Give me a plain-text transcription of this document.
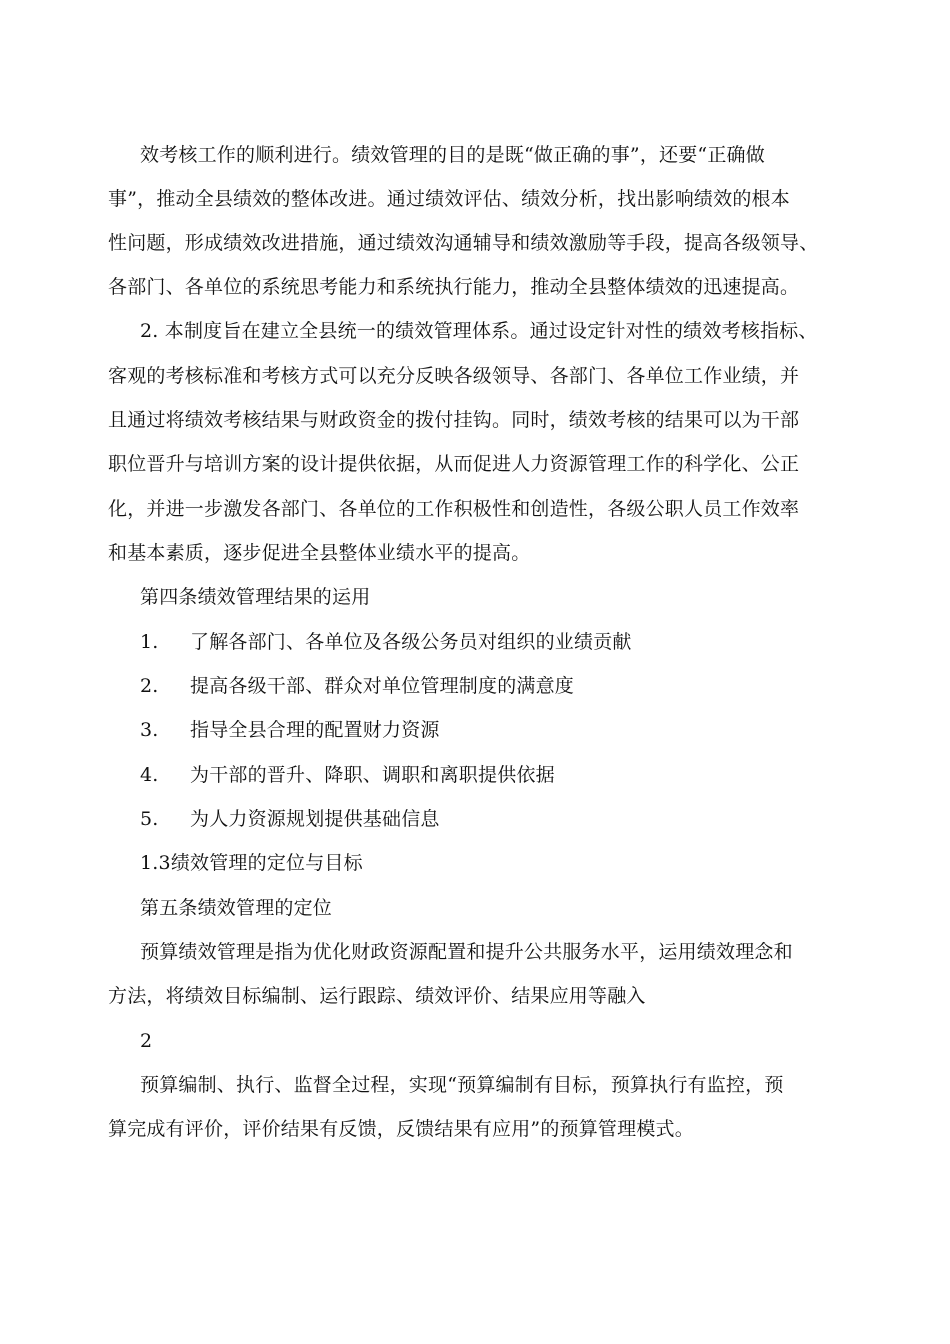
效考核工作的顺利进行。绩效管理的目的是既“做正确的事”，还要“正确做
事”，推动全县绩效的整体改进。通过绩效评估、绩效分析，找出影响绩效的根本
性问题，形成绩效改进措施，通过绩效沟通辅导和绩效激励等手段，提高各级领导、
各部门、各单位的系统思考能力和系统执行能力，推动全县整体绩效的迅速提高。
2. 本制度旨在建立全县统一的绩效管理体系。通过设定针对性的绩效考核指标、
客观的考核标准和考核方式可以充分反映各级领导、各部门、各单位工作业绩，并
且通过将绩效考核结果与财政资金的拨付挂钩。同时，绩效考核的结果可以为干部
职位晋升与培训方案的设计提供依据，从而促进人力资源管理工作的科学化、公正
化，并进一步激发各部门、各单位的工作积极性和创造性，各级公职人员工作效率
和基本素质，逐步促进全县整体业绩水平的提高。
第四条绩效管理结果的运用
1. 了解各部门、各单位及各级公务员对组织的业绩贡献
2. 提高各级干部、群众对单位管理制度的满意度
3. 指导全县合理的配置财力资源
4. 为干部的晋升、降职、调职和离职提供依据
5. 为人力资源规划提供基础信息
1.3绩效管理的定位与目标
第五条绩效管理的定位
预算绩效管理是指为优化财政资源配置和提升公共服务水平，运用绩效理念和
方法，将绩效目标编制、运行跟踪、绩效评价、结果应用等融入
2
预算编制、执行、监督全过程，实现“预算编制有目标，预算执行有监控，预
算完成有评价，评价结果有反馈，反馈结果有应用”的预算管理模式。
